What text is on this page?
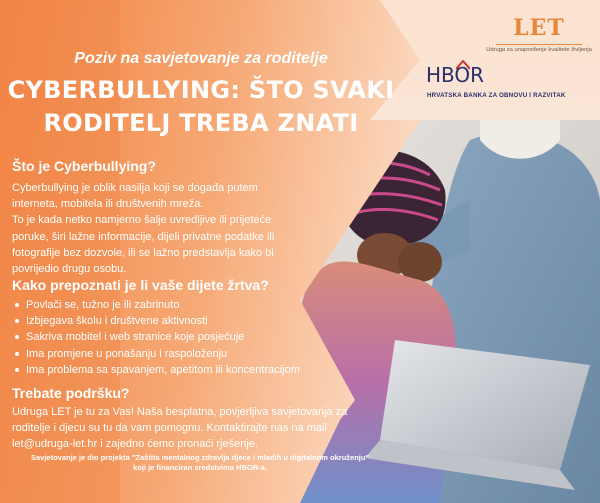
Poziv na savjetovanje za roditelje
CYBERBULLYING: ŠTO SVAKI
RODITELJ TREBA ZNATI
LET
Udruga za unapređenje kvalitete življenja
HBOR
HRVATSKA BANKA ZA OBNOVU I RAZVITAK
Što je Cyberbullying?
Cyberbullying je oblik nasilja koji se događa putem
interneta, mobitela ili društvenih mreža.
To je kada netko namjerno šalje uvredljive ili prijeteće
poruke, širi lažne informacije, dijeli privatne podatke ili
fotografije bez dozvole, ili se lažno predstavlja kako bi
povrijedio drugu osobu.
Kako prepoznati je li vaše dijete žrtva?
Povlači se, tužno je ili zabrinuto
Izbjegava školu i društvene aktivnosti
Sakriva mobitel i web stranice koje posjećuje
Ima promjene u ponašanju i raspoloženju
Ima problema sa spavanjem, apetitom ili koncentracijom
Trebate podršku?
Udruga LET je tu za Vas! Naša besplatna, povjerljiva savjetovanja za
roditelje i djecu su tu da vam pomognu. Kontaktirajte nas na mail
let@udruga-let.hr i zajedno ćemo pronaći rješenje.
Savjetovanje je dio projekta "Zaštita mentalnog zdravlja djece i mladih u digitalnom okruženju"
koji je financiran sredstvima HBOR-a.
